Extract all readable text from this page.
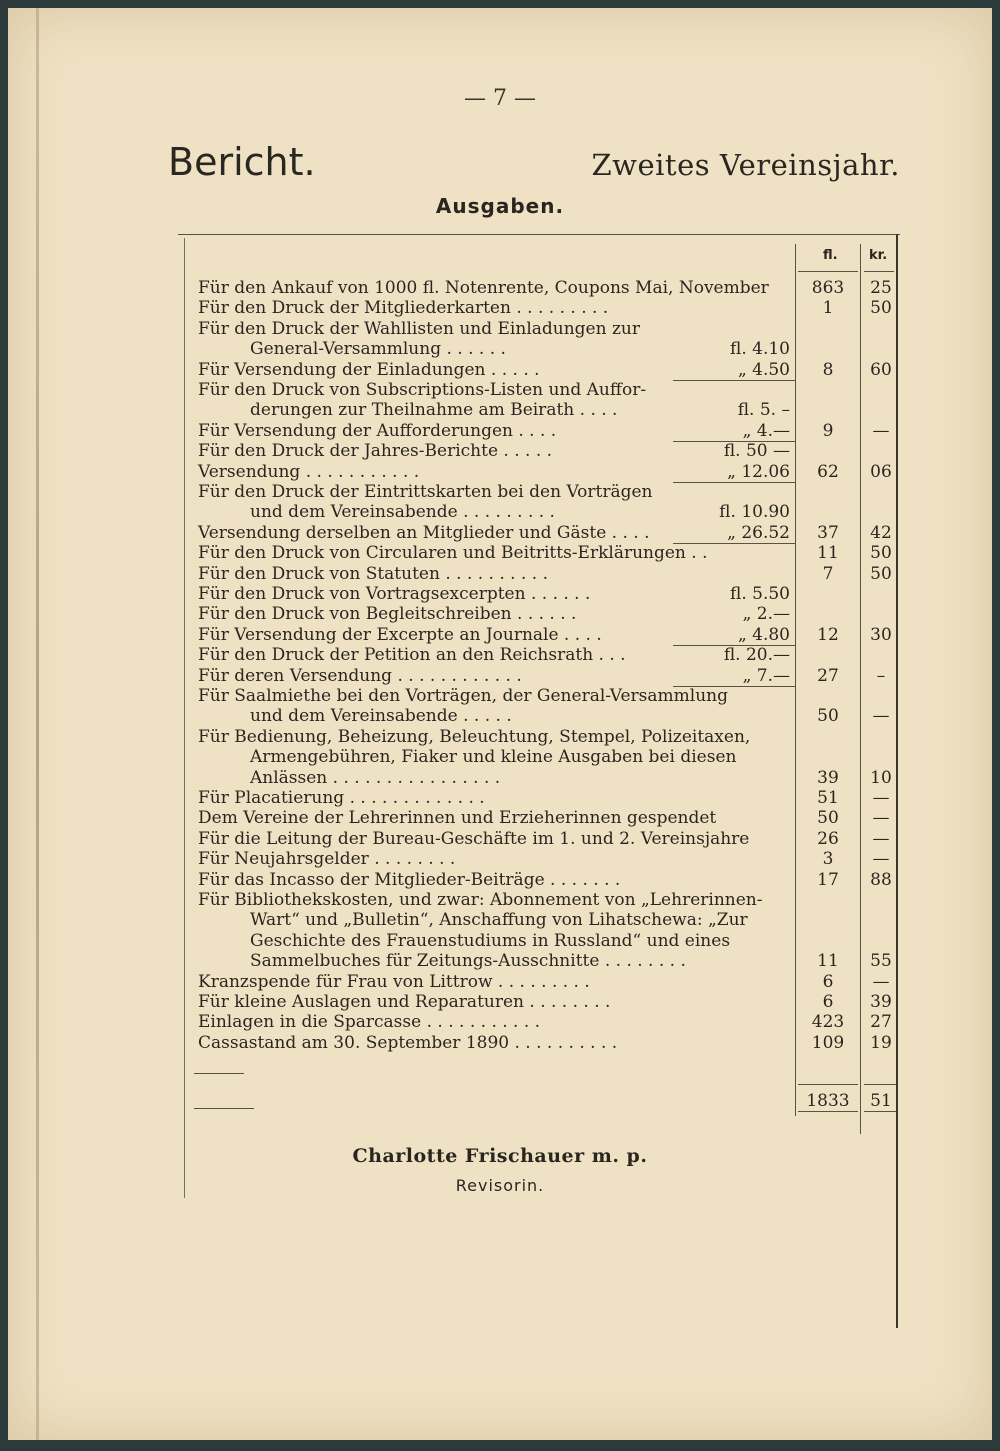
— 7 —
Bericht.	Zweites Vereinsjahr.
Ausgaben.
fl. kr.
Für den Ankauf von 1000 fl. Notenrente, Coupons Mai, November	863	25
Für den Druck der Mitgliederkarten . . . . . . . . .	1	50
Für den Druck der Wahllisten und Einladungen zur
General-Versammlung . . . . . .	fl. 4.10
Für Versendung der Einladungen . . . . .	„ 4.50	8	60
Für den Druck von Subscriptions-Listen und Auffor-
derungen zur Theilnahme am Beirath . . . .	fl. 5. –
Für Versendung der Aufforderungen . . . .	„ 4.—	9	—
Für den Druck der Jahres-Berichte . . . . .	fl. 50 —
Versendung . . . . . . . . . . .	„ 12.06	62	06
Für den Druck der Eintrittskarten bei den Vorträgen
und dem Vereinsabende . . . . . . . . .	fl. 10.90
Versendung derselben an Mitglieder und Gäste . . . .	„ 26.52	37	42
Für den Druck von Circularen und Beitritts-Erklärungen . .	11	50
Für den Druck von Statuten . . . . . . . . . .	7	50
Für den Druck von Vortragsexcerpten . . . . . .	fl. 5.50
Für den Druck von Begleitschreiben . . . . . .	„ 2.—
Für Versendung der Excerpte an Journale . . . .	„ 4.80	12	30
Für den Druck der Petition an den Reichsrath . . .	fl. 20.—
Für deren Versendung . . . . . . . . . . . .	„ 7.—	27	–
Für Saalmiethe bei den Vorträgen, der General-Versammlung
und dem Vereinsabende . . . . .	50	—
Für Bedienung, Beheizung, Beleuchtung, Stempel, Polizeitaxen,
Armengebühren, Fiaker und kleine Ausgaben bei diesen
Anlässen . . . . . . . . . . . . . . . .	39	10
Für Placatierung . . . . . . . . . . . . .	51	—
Dem Vereine der Lehrerinnen und Erzieherinnen gespendet	50	—
Für die Leitung der Bureau-Geschäfte im 1. und 2. Vereinsjahre	26	—
Für Neujahrsgelder . . . . . . . .	3	—
Für das Incasso der Mitglieder-Beiträge . . . . . . .	17	88
Für Bibliothekskosten, und zwar: Abonnement von „Lehrerinnen-
Wart“ und „Bulletin“, Anschaffung von Lihatschewa: „Zur
Geschichte des Frauenstudiums in Russland“ und eines
Sammelbuches für Zeitungs-Ausschnitte . . . . . . . .	11	55
Kranzspende für Frau von Littrow . . . . . . . . .	6	—
Für kleine Auslagen und Reparaturen . . . . . . . .	6	39
Einlagen in die Sparcasse . . . . . . . . . . .	423	27
Cassastand am 30. September 1890 . . . . . . . . . .	109	19
1833	51
Charlotte Frischauer m. p.
Revisorin.
